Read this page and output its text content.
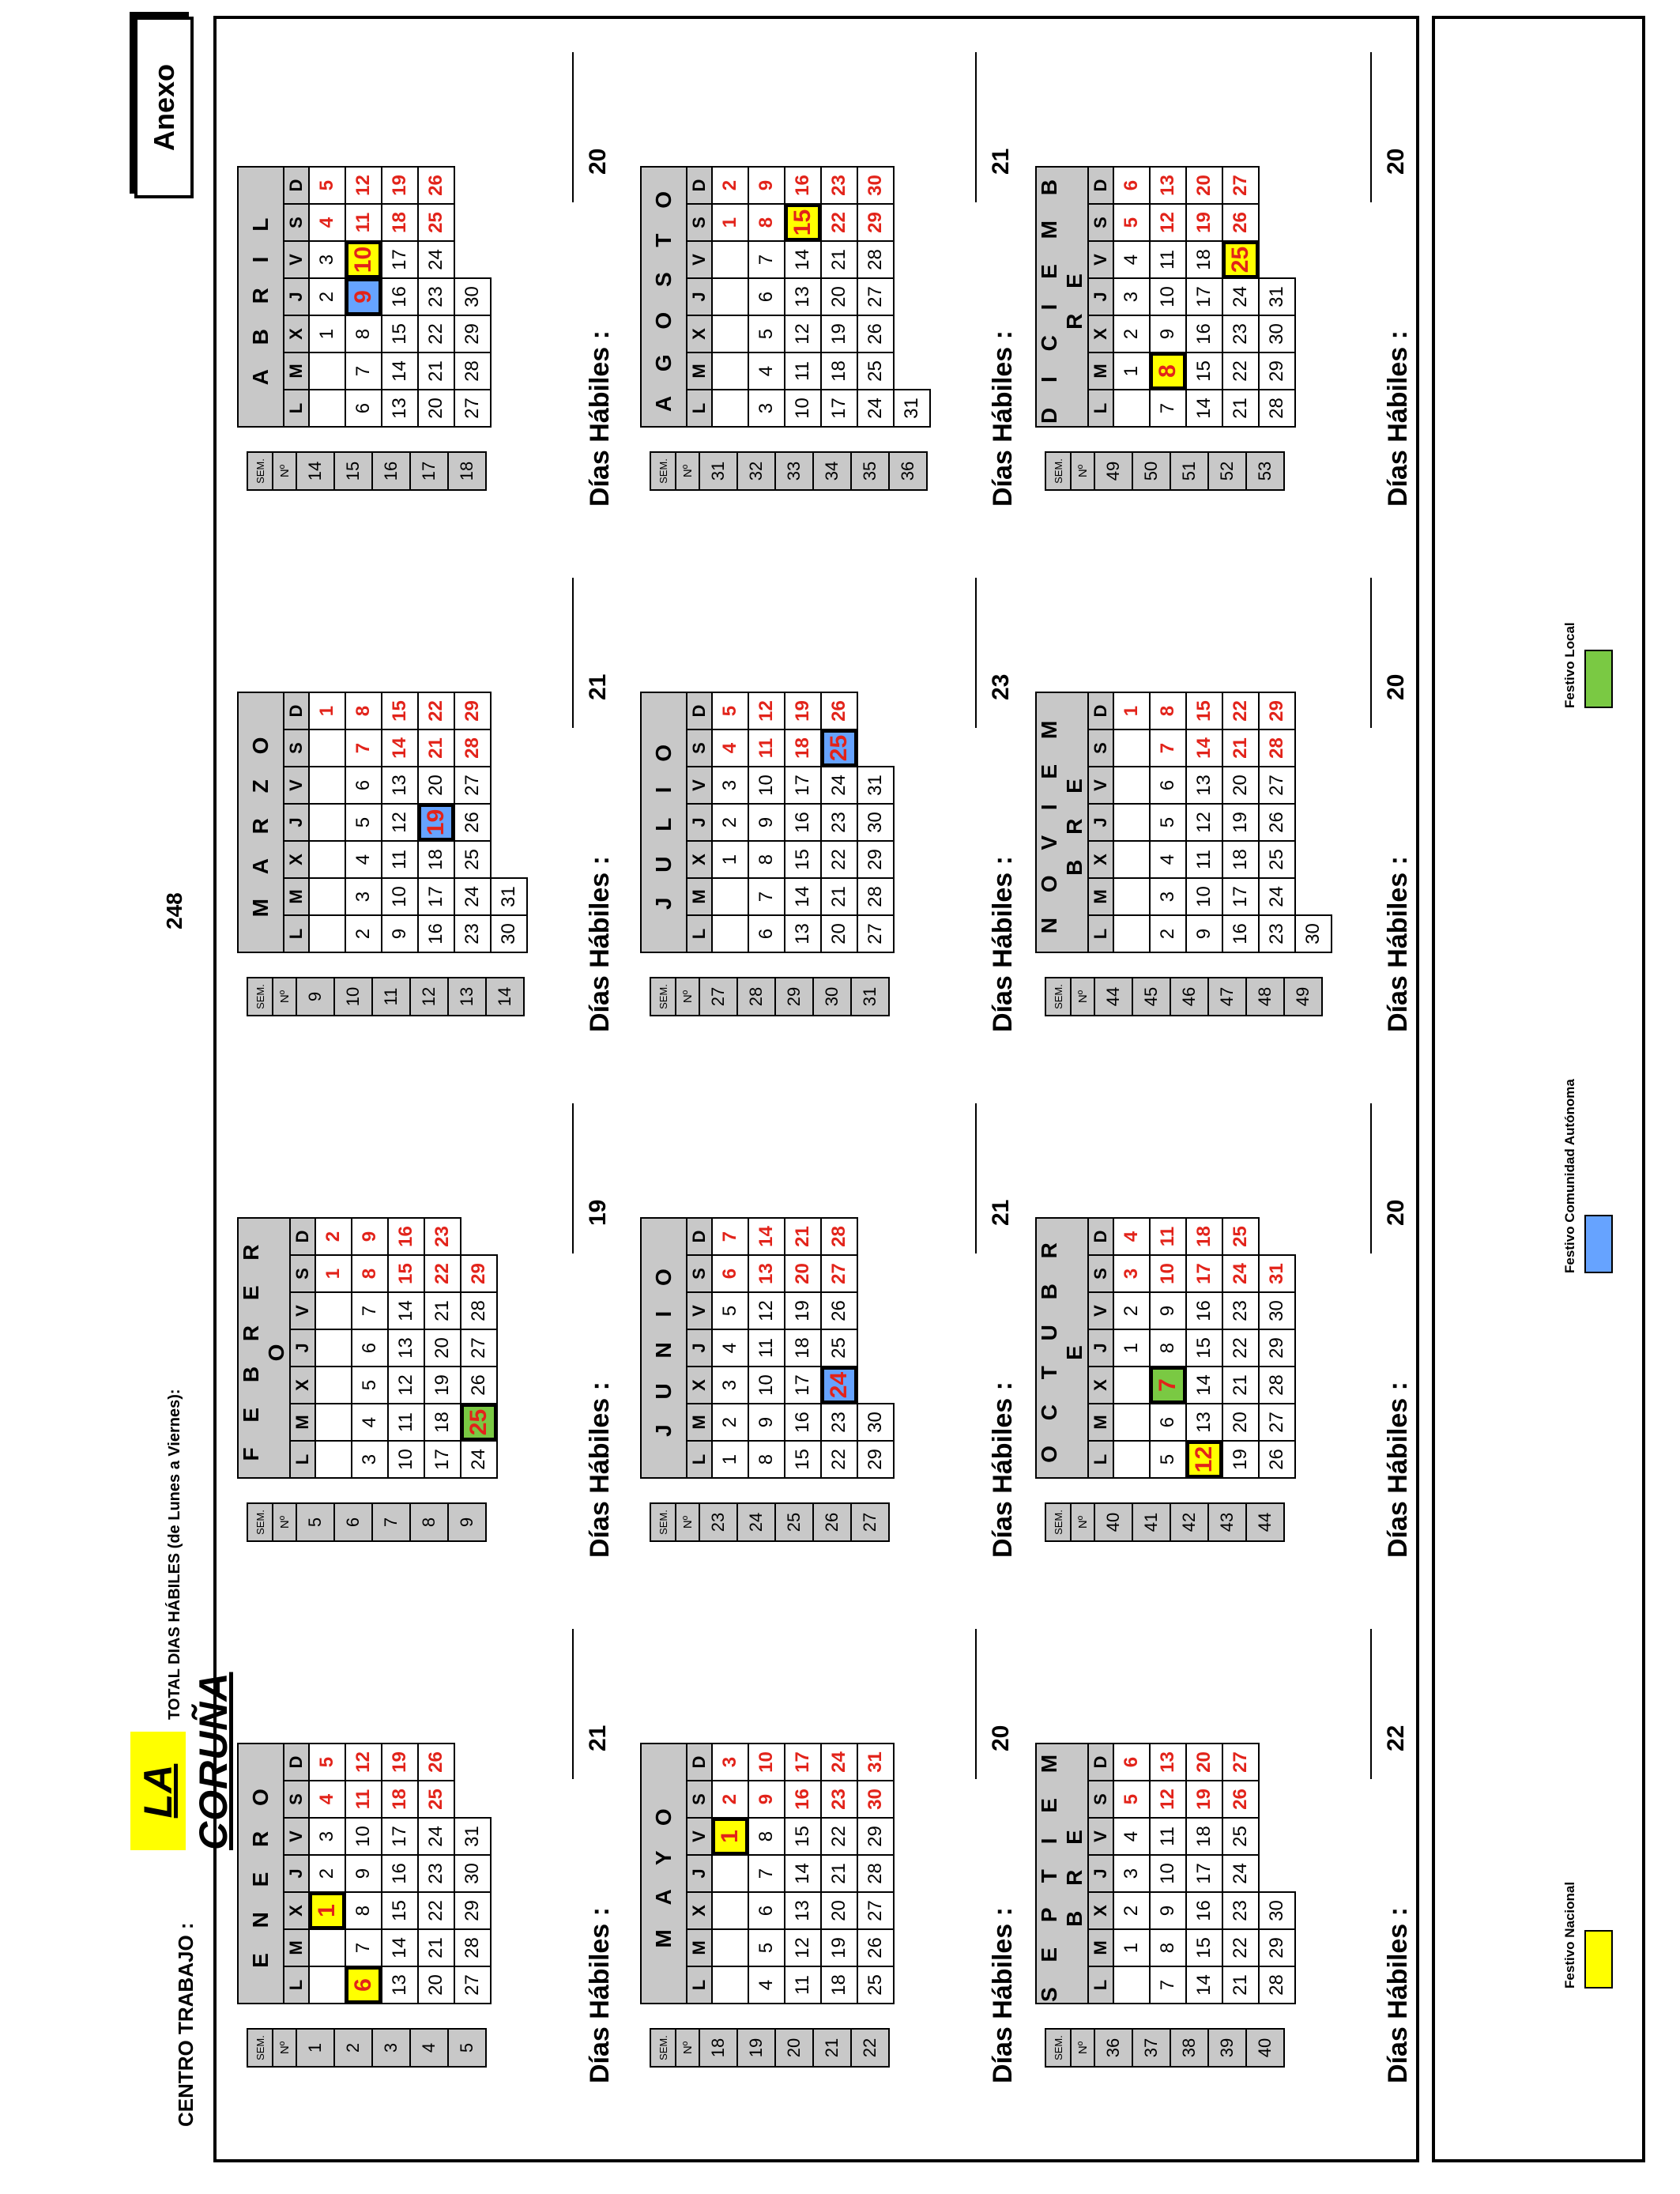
CENTRO TRABAJO :
LA CORUÑA
TOTAL DIAS HÁBILES (de Lunes a Viernes):
248
Anexo
SEM.
Nº
1
2
3
4
5
E N E R O						
L	M	X	J	V	S	D
		1	2	3	4	5
6	7	8	9	10	11	12
13	14	15	16	17	18	19
20	21	22	23	24	25	26
27	28	29	30	31		
Días Hábiles :
21
SEM.
Nº
5
6
7
8
9
F E B R E R O						
L	M	X	J	V	S	D
					1	2
3	4	5	6	7	8	9
10	11	12	13	14	15	16
17	18	19	20	21	22	23
24	25	26	27	28	29	
Días Hábiles :
19
SEM.
Nº
9
10
11
12
13
14
M A R Z O						
L	M	X	J	V	S	D
						1
2	3	4	5	6	7	8
9	10	11	12	13	14	15
16	17	18	19	20	21	22
23	24	25	26	27	28	29
30	31					Días Hábiles :
21
SEM.
Nº
14
15
16
17
18
A B R I L						
L	M	X	J	V	S	D
		1	2	3	4	5
6	7	8	9	10	11	12
13	14	15	16	17	18	19
20	21	22	23	24	25	26
27	28	29	30			
Días Hábiles :
20
SEM.
Nº
18
19
20
21
22
M A Y O						
L	M	X	J	V	S	D
				1	2	3
4	5	6	7	8	9	10
11	12	13	14	15	16	17
18	19	20	21	22	23	24
25	26	27	28	29	30	31
Días Hábiles :
20
SEM.
Nº
23
24
25
26
27
J U N I O						
L	M	X	J	V	S	D
1	2	3	4	5	6	7
8	9	10	11	12	13	14
15	16	17	18	19	20	21
22	23	24	25	26	27	28
29	30						Días Hábiles :
21
SEM.
Nº
27
28
29
30
31
J U L I O						
L	M	X	J	V	S	D
		1	2	3	4	5
6	7	8	9	10	11	12
13	14	15	16	17	18	19
20	21	22	23	24	25	26
27	28	29	30	31		
Días Hábiles :
23
SEM.
Nº
31
32
33
34
35
36
A G O S T O						
L	M	X	J	V	S	D
					1	2
3	4	5	6	7	8	9
10	11	12	13	14	15	16
17	18	19	20	21	22	23
24	25	26	27	28	29	30
31						Días Hábiles :
21
SEM.
Nº
36
37
38
39
40
S E P T I E M B R E						
L	M	X	J	V	S	D
	1	2	3	4	5	6
7	8	9	10	11	12	13
14	15	16	17	18	19	20
21	22	23	24	25	26	27
28	29	30					Días Hábiles :
22
SEM.
Nº
40
41
42
43
44
O C T U B R E						
L	M	X	J	V	S	D
			1	2	3	4
5	6	7	8	9	10	11
12	13	14	15	16	17	18
19	20	21	22	23	24	25
26	27	28	29	30	31	
Días Hábiles :
20
SEM.
Nº
44
45
46
47
48
49
N O V I E M B R E						
L	M	X	J	V	S	D
						1
2	3	4	5	6	7	8
9	10	11	12	13	14	15
16	17	18	19	20	21	22
23	24	25	26	27	28	29
30						Días Hábiles :
20
SEM.
Nº
49
50
51
52
53
D I C I E M B R E						
L	M	X	J	V	S	D
	1	2	3	4	5	6
7	8	9	10	11	12	13
14	15	16	17	18	19	20
21	22	23	24	25	26	27
28	29	30	31			
Días Hábiles :
20
Festivo Nacional
Festivo Comunidad Autónoma
Festivo Local
